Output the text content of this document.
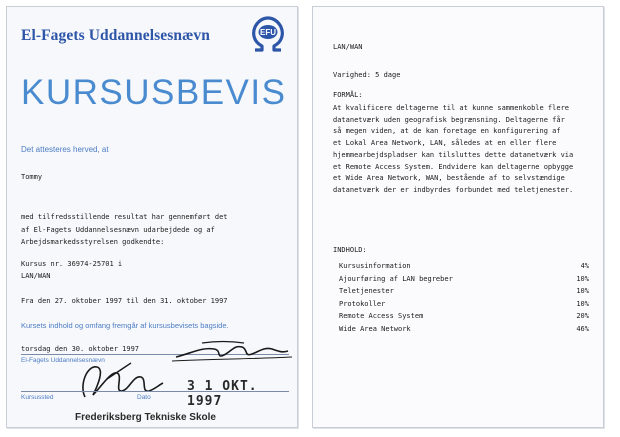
El-Fagets Uddannelsesnævn	EFU
KURSUSBEVIS
Det attesteres herved, at
Tommy
med tilfredsstillende resultat har gennemført det
af El-Fagets Uddannelsesnævn udarbejdede og af
Arbejdsmarkedsstyrelsen godkendte:
Kursus nr. 36974-25701 i
LAN/WAN
Fra den 27. oktober 1997 til den 31. oktober 1997
Kursets indhold og omfang fremgår af kursusbevisets bagside.
torsdag den 30. oktober 1997
El-Fagets Uddannelsesnævn
3 1 OKT. 1997
Kursussted	Dato
Frederiksberg Tekniske Skole
LAN/WAN
Varighed: 5 dage
FORMÅL:
At kvalificere deltagerne til at kunne sammenkoble flere
datanetværk uden geografisk begrænsning. Deltagerne får
så megen viden, at de kan foretage en konfigurering af
et Lokal Area Network, LAN, således at en eller flere
hjemmearbejdspladser kan tilsluttes dette datanetværk via
et Remote Access System. Endvidere kan deltagerne opbygge
et Wide Area Network, WAN, bestående af to selvstændige
datanetværk der er indbyrdes forbundet med teletjenester.
INDHOLD:
Kursusinformation	4%
Ajourføring af LAN begreber	10%
Teletjenester	10%
Protokoller	10%
Remote Access System	20%
Wide Area Network	46%
